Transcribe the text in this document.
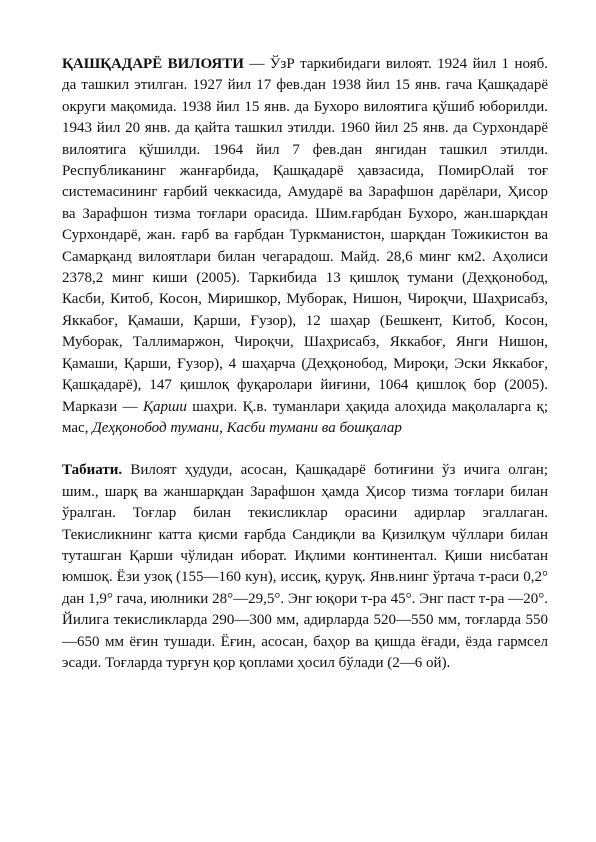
ҚАШҚАДАРЁ ВИЛОЯТИ — ЎзР таркибидаги вилоят. 1924 йил 1 нояб. да ташкил этилган. 1927 йил 17 фев.дан 1938 йил 15 янв. гача Қашқадарё округи мақомида. 1938 йил 15 янв. да Бухоро вилоятига қўшиб юборилди. 1943 йил 20 янв. да қайта ташкил этилди. 1960 йил 25 янв. да Сурхондарё вилоятига қўшилди. 1964 йил 7 фев.дан янгидан ташкил этилди. Республиканинг жанғарбида, Қашқадарё ҳавзасида, ПомирОлай тоғ системасининг ғарбий чеккасида, Амударё ва Зарафшон дарёлари, Ҳисор ва Зарафшон тизма тоғлари орасида. Шим.ғарбдан Бухоро, жан.шарқдан Сурхондарё, жан. ғарб ва ғарбдан Туркманистон, шарқдан Тожикистон ва Самарқанд вилоятлари билан чегарадош. Майд. 28,6 минг км2. Аҳолиси 2378,2 минг киши (2005). Таркибида 13 қишлоқ тумани (Деҳқонобод, Касби, Китоб, Косон, Миришкор, Муборак, Нишон, Чироқчи, Шаҳрисабз, Яккабоғ, Қамаши, Қарши, Ғузор), 12 шаҳар (Бешкент, Китоб, Косон, Муборак, Таллимаржон, Чироқчи, Шаҳрисабз, Яккабоғ, Янги Нишон, Қамаши, Қарши, Ғузор), 4 шаҳарча (Деҳқонобод, Мироқи, Эски Яккабоғ, Қашқадарё), 147 қишлоқ фуқаролари йиғини, 1064 қишлоқ бор (2005). Маркази — Қарши шаҳри. Қ.в. туманлари ҳақида алоҳида мақолаларга қ; мас, Деҳқонобод тумани, Касби тумани ва бошқалар

Табиати. Вилоят ҳудуди, асосан, Қашқадарё ботиғини ўз ичига олган; шим., шарқ ва жаншарқдан Зарафшон ҳамда Ҳисор тизма тоғлари билан ўралган. Тоғлар билан текисликлар орасини адирлар эгаллаган. Текисликнинг катта қисми ғарбда Сандиқли ва Қизилқум чўллари билан туташган Қарши чўлидан иборат. Иқлими континентал. Қиши нисбатан юмшоқ. Ёзи узоқ (155—160 кун), иссиқ, қуруқ. Янв.нинг ўртача т-раси 0,2° дан 1,9° гача, июлники 28°—29,5°. Энг юқори т-ра 45°. Энг паст т-ра —20°. Йилига текисликларда 290—300 мм, адирларда 520—550 мм, тоғларда 550—650 мм ёғин тушади. Ёғин, асосан, баҳор ва қишда ёғади, ёзда гармсел эсади. Тоғларда турғун қор қоплами ҳосил бўлади (2—6 ой).
